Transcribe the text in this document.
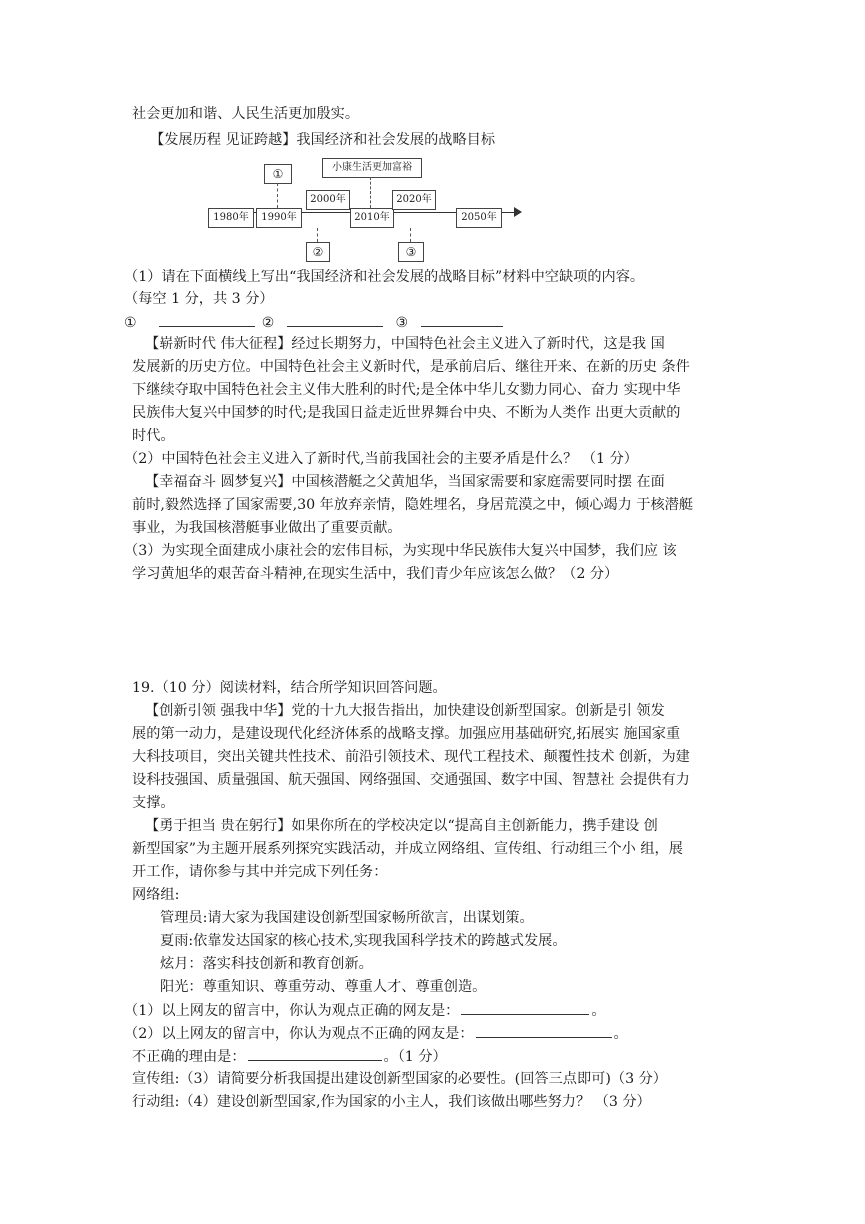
社会更加和谐、人民生活更加殷实。
【发展历程 见证跨越】我国经济和社会发展的战略目标
1980年	1990年
2000年
2010年
2020年
2050年
①	小康生活更加富裕
②	③
（1）请在下面横线上写出“我国经济和社会发展的战略目标”材料中空缺项的内容。
（每空 1 分，共 3 分）
①	②	③
【崭新时代 伟大征程】经过长期努力，中国特色社会主义进入了新时代，这是我 国
发展新的历史方位。中国特色社会主义新时代，是承前启后、继往开来、在新的历史 条件
下继续夺取中国特色社会主义伟大胜利的时代;是全体中华儿女勠力同心、奋力 实现中华
民族伟大复兴中国梦的时代;是我国日益走近世界舞台中央、不断为人类作 出更大贡献的
时代。
（2）中国特色社会主义进入了新时代,当前我国社会的主要矛盾是什么？ （1 分）
【幸福奋斗 圆梦复兴】中国核潜艇之父黄旭华，当国家需要和家庭需要同时摆 在面
前时,毅然选择了国家需要,30 年放弃亲情，隐姓埋名，身居荒漠之中，倾心竭力 于核潜艇
事业，为我国核潜艇事业做出了重要贡献。
（3）为实现全面建成小康社会的宏伟目标，为实现中华民族伟大复兴中国梦，我们应 该
学习黄旭华的艰苦奋斗精神,在现实生活中，我们青少年应该怎么做？（2 分）
19.（10 分）阅读材料，结合所学知识回答问题。
【创新引领 强我中华】党的十九大报告指出，加快建设创新型国家。创新是引 领发
展的第一动力，是建设现代化经济体系的战略支撑。加强应用基础研究,拓展实 施国家重
大科技项目，突出关键共性技术、前沿引领技术、现代工程技术、颠覆性技术 创新，为建
设科技强国、质量强国、航天强国、网络强国、交通强国、数字中国、智慧社 会提供有力
支撑。
【勇于担当 贵在躬行】如果你所在的学校决定以“提高自主创新能力，携手建设 创
新型国家”为主题开展系列探究实践活动，并成立网络组、宣传组、行动组三个小 组，展
开工作，请你参与其中并完成下列任务：
网络组:
管理员:请大家为我国建设创新型国家畅所欲言，出谋划策。
夏雨:依靠发达国家的核心技术,实现我国科学技术的跨越式发展。
炫月：落实科技创新和教育创新。
阳光：尊重知识、尊重劳动、尊重人才、尊重创造。
（1）以上网友的留言中，你认为观点正确的网友是：	。
（2）以上网友的留言中，你认为观点不正确的网友是：	。
不正确的理由是：	。（1 分）
宣传组:（3）请简要分析我国提出建设创新型国家的必要性。(回答三点即可)（3 分）
行动组:（4）建设创新型国家,作为国家的小主人，我们该做出哪些努力？ （3 分）
